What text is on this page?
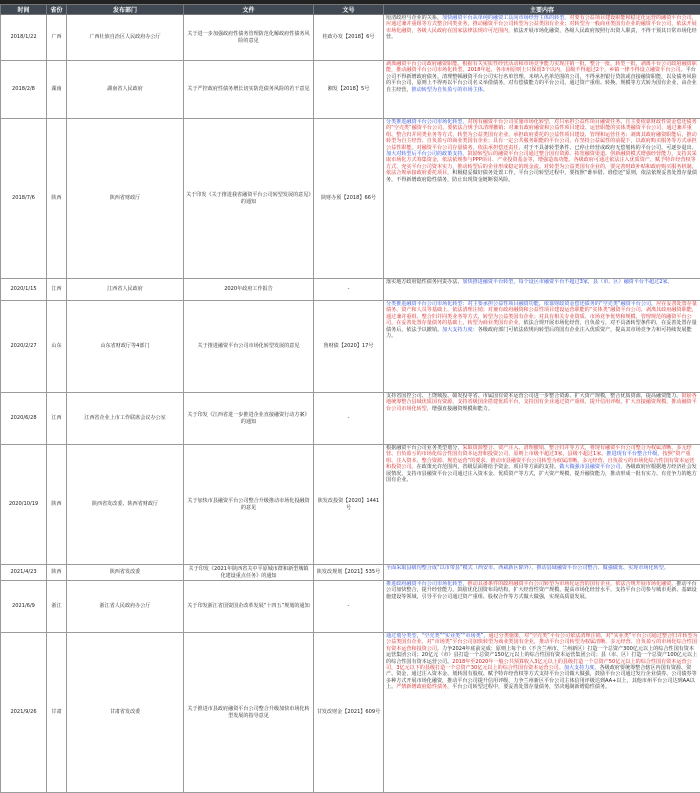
时间	省份	发布部门	文件	文号	主要内容
2018/1/22	广西	广西壮族自治区人民政府办公厅	关于进一步加强政府性债务管理防范化解政府性债务风险的意见	桂政办发【2018】6号	厘清政府与企业的关系，加快融资平台从单纯的融资工具向市场经营主体的转型。对要有公益项目建设职能和稳定化运营的融资平台公司，应通过兼并重组等方式整合同类业务，推动融资平台公司转型为公益类国有企业；对转型为一般商业类国有企业的融资平台公司，依法开展市场化融资，各级人民政府在国家法律法规许可范围内，依法开展市场化融资，各级人民政府按照行出资人职责，不得干预其日常市场化经营。

2018/2/8	湖南	湖南省人民政府	关于严控政府性债务增长切实防范债务风险的若干意见	湘发【2018】5号	剥离融资平台公司政府融资职能。根据有关实质性经营活动和市场竞争能力实现注销一批，整合一批，转型一批，剥离平台公司政府融资职能，推动融资平台公司市场化转型。2018年起，各市州原则上只保留3个以内，县级不得超过2个，乡镇一律不得设立融资平台公司。平台公司不得新增政府债务。清理整顿融资平台公司实行名单管理。未纳入名单范围的公司，不得承担银行贷款或直接融资职能，以及债务风险的平台公司，原则上不得再以平台公司名义举借债务，对有偿债能力的平台公司，通过资产重组、转换、规模等方式转为国有企业，由企业自主经营，推动转型为自负盈亏的市场主体。

2018/7/6	陕西	陕西省财政厅	关于印发《关于推进我省融资平台公司转型发展的意见》的通知	陕财办预【2018】66号	分类推进融资平台公司市场化转型，对现有融资平台公司实施市场化转型，对只承担公益性项目融资任务、且主要依靠财政性资金偿还债务的“空壳类”融资平台公司，要依法合规予以清理撤销；对兼有政府融资和公益性项目建设、运营职能的实体类融资平台公司，通过兼并重组、整合归并同类业务等方式，转型为公益类国有企业，承担政府委托的公益性项目建设、管理和运营任务；剥离其政府融资职能后，推动转型为自主经营、自负盈亏的商业类国有企业；具有一定公共服务职能的平台公司，在坚持公益属性的前提下，以政府购买服务等方式承担公益性职能。对融资平台公司存量债务，依法承担偿还责任，对于不具备转型条件、已停止经营或政府无偿划转的平台公司，可逐步退出。加大对转型后平台公司的政策支持，鼓励转型后的融资平台公司通过整合国有资源、拓宽融资渠道、创新融资模式增强经营能力，支持其采取市场化方式筹集资金，依法依规参与PPP项目、产业投资基金等，增强造血功能。各级政府可通过依法注入优质资产、赋予特许经营权等方式，充实平台公司资本实力，推动转型后的企业形成稳定的现金流。对转型为公益类国有企业的，要完善财政补贴和政府购买服务机制，依法合规承接政府委托项目。积极稳妥做好债务处置工作，平台公司转型过程中，要按照“谁举借、谁偿还”原则，依法依规妥善处置存量债务，不得新增政府隐性债务，防止出现资金链断裂风险。

2020/1/15	江西	江西省人民政府	2020年政府工作报告	-	落实地方政府隐性债务问责办法，加快推进融资平台转型，每个设区市融资平台不超过3家，县（市、区）融资平台不超过2家。

2020/2/27	山东	山东省财政厅等4部门	关于推进融资平台公司市场化转型发展的意见	鲁财债【2020】17号	分类推进融资平台公司市场化转型：对主要承担公益性项目融资功能，依靠财政资金偿还债务的“空壳类”融资平台公司，应在妥善处置存量债务、资产和人员等基础上，依法清理注销；对兼有政府融资和公益性项目建设运营职能的“实体类”融资平台公司，剥离其政府融资职能，通过兼并重组、整合归并同类业务等方式，转型为公益类国有企业；对具有相关专业资质、市场竞争优势和规模、管理规范的融资平台公司，在妥善处置存量债务的基础上，转型为商业类国有企业，依法合规开展市场化经营，自负盈亏，对不具备转型条件的，在妥善处置存量债务后，依法予以撤销。加大支持力度：各级政府部门可依法依规向转型后的国有企业注入优质资产，提高其市场竞争力和可持续发展能力。

2020/6/28	江西	江西省企业上市工作联席会议办公室	关于印发《江西省进一步推进企业直接融资行动方案》的通知	-	支持省国控公司、上饶城投、赣发投等省、市属国有资本运营公司进一步整合资源、扩大资产规模，整合优质资源，提高融资能力。鼓励各地统筹整合县域优质国有资源，支持省级国企搭建优质平台，支持国有企业通过资产重组、提升信用评级，扩大直接融资规模，推动融资平台公司市场化转型，增强直接融资规模和能力。

2020/10/19	陕西	陕西省发改委、陕西省财政厅	关于加快市县融资平台公司整合升级推动市场化投融资的意见	陕发改投资【2020】1441号	根据融资平台公司业务类型划分，采取资源整合、资产注入、清理撤销、整合归并等方式，将现有融资平台公司整合为权属清晰、多元经营、自负盈亏的市场化综合性国有资本运营和投资公司，原则上市级不超过3家，县级不超过1家。推进现有平台整合升级，按照“资产重组、注入资本、整合资源、规范运营”的要求，推动市县融资平台公司转型为权属清晰、多元经营、自负盈亏的市场化综合性国有资本运营和投资公司。在政策允许范围内，省级层面将给予资金、项目等方面的支持。做大做强市县融资平台公司，各级政府应根据地方经济社会发展情况，支持市县融资平台公司通过注入资本金、优质资产等方式，扩大资产规模，提升融资能力，推动形成一批有实力、有竞争力的地方国有企业。

2021/4/23	陕西	陕西省发改委	关于印发《2021年陕西省关中平原城市群和新型城镇化建设重点任务》的通知	陕发改规划【2021】535号	全面采取县级均整合成“以市带县”模式（西安市、西咸新区除外），推动县域融资平台公司整合、做强做优、实现市场化转型。

2021/6/9	浙江	浙江省人民政府办公厅	关于印发浙江省国资国企改革发展“十四五”规划的通知	-	推进政府融资平台公司市场化转型，推动具备条件的政府融资平台公司转型为市场化运营的国有企业，依法合规开展市场化融资。推动平台公司加快整合，提升经营能力，鼓励优化国资布局结构，扩大经营性资产规模，提高市场化经营水平，支持平台公司参与城市更新、基础设施建设等领域，引导平台公司通过资产重组、股权合作等方式做大做强，实现高质量发展。

2021/9/26	甘肃	甘肃省发改委	关于推进市县政府融资平台公司整合升级加快市场化转型发展的指导意见	甘发改财金【2021】609号	通过划分类型，“空壳类”“实业类”“市场类”，通过分类施策，对“空壳类”平台公司依法清理注销，对“实业类”平台公司通过整合归并转型为公益类国有企业，对“市场类”平台公司加快转型为商业类国有企业，推动平台公司转型为权属清晰、多元经营、自负盈亏的市场化综合性国有资本运营和投资公司。力争2024年底前完成：原则上每个市（不含兰州市、兰州新区）打造一个总资产300亿元以上的综合性国有资本运营集团公司；20亿元（市）县打造一个总资产150亿元以上的综合性国有资本运营集团公司；县（市、区）打造一个总资产100亿元以上的综合性国有资本运营公司。2018年至2020年一般公共预算收入3亿元以上的县级打造一个总资产50亿元以上的综合性国有资本运营公司，3亿元以下的县级打造一个总资产30亿元以上的综合性国有资本运营公司。加大支持力度，各级政府要统筹整合辖区内国有资源、资产、资金，通过注入资本金、划转国有股权、赋予特许经营权等方式支持平台公司做大做强，鼓励平台公司通过发行企业债券、公司债券等多种方式开展市场化融资，推动平台公司提升信用评级，力争兰州新区平台公司主体信用评级达到AA+以上，其他市州平台公司达到AA以上。严禁新增政府隐性债务，平台公司转型过程中，要妥善处置存量债务，坚决遏制新增隐性债务。
